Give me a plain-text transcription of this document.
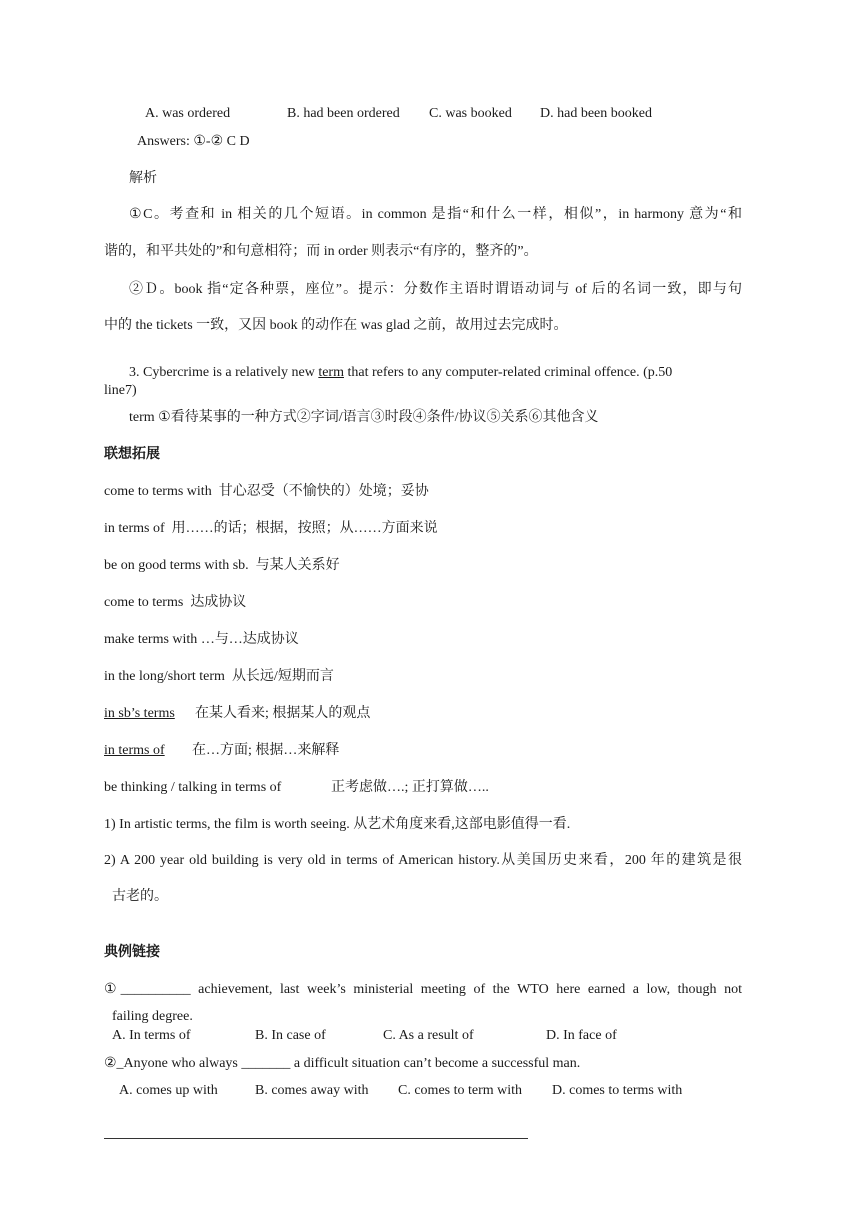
A. was ordered	B. had been ordered C. was booked D. had been booked
Answers: ①-② C D
解析
①C。考查和 in 相关的几个短语。in common 是指“和什么一样，相似”，in harmony 意为“和
谐的，和平共处的”和句意相符；而 in order 则表示“有序的，整齐的”。
②Ｄ。book 指“定各种票，座位”。提示：分数作主语时谓语动词与 of 后的名词一致，即与句
中的 the tickets 一致，又因 book 的动作在 was glad 之前，故用过去完成时。
3. Cybercrime is a relatively new term that refers to any computer-related criminal offence. (p.50
line7)
term ①看待某事的一种方式②字词/语言③时段④条件/协议⑤关系⑥其他含义
联想拓展
come to terms with 甘心忍受（不愉快的）处境；妥协
in terms of 用……的话；根据，按照；从……方面来说
be on good terms with sb. 与某人关系好
come to terms 达成协议
make terms with …与…达成协议
in the long/short term 从长远/短期而言
in sb’s terms 在某人看来; 根据某人的观点
in terms of 在…方面; 根据…来解释
be thinking / talking in terms of	正考虑做….; 正打算做…..
1) In artistic terms, the film is worth seeing. 从艺术角度来看,这部电影值得一看.
2) A 200 year old building is very old in terms of American history.从美国历史来看，200 年的建筑是很
古老的。
典例链接
①__________ achievement, last week’s ministerial meeting of the WTO here earned a low, though not
failing degree.
A. In terms of	B. In case of	C. As a result of	D. In face of
②_Anyone who always _______ a difficult situation can’t become a successful man.
A. comes up with	B. comes away with C. comes to term with D. comes to terms with
